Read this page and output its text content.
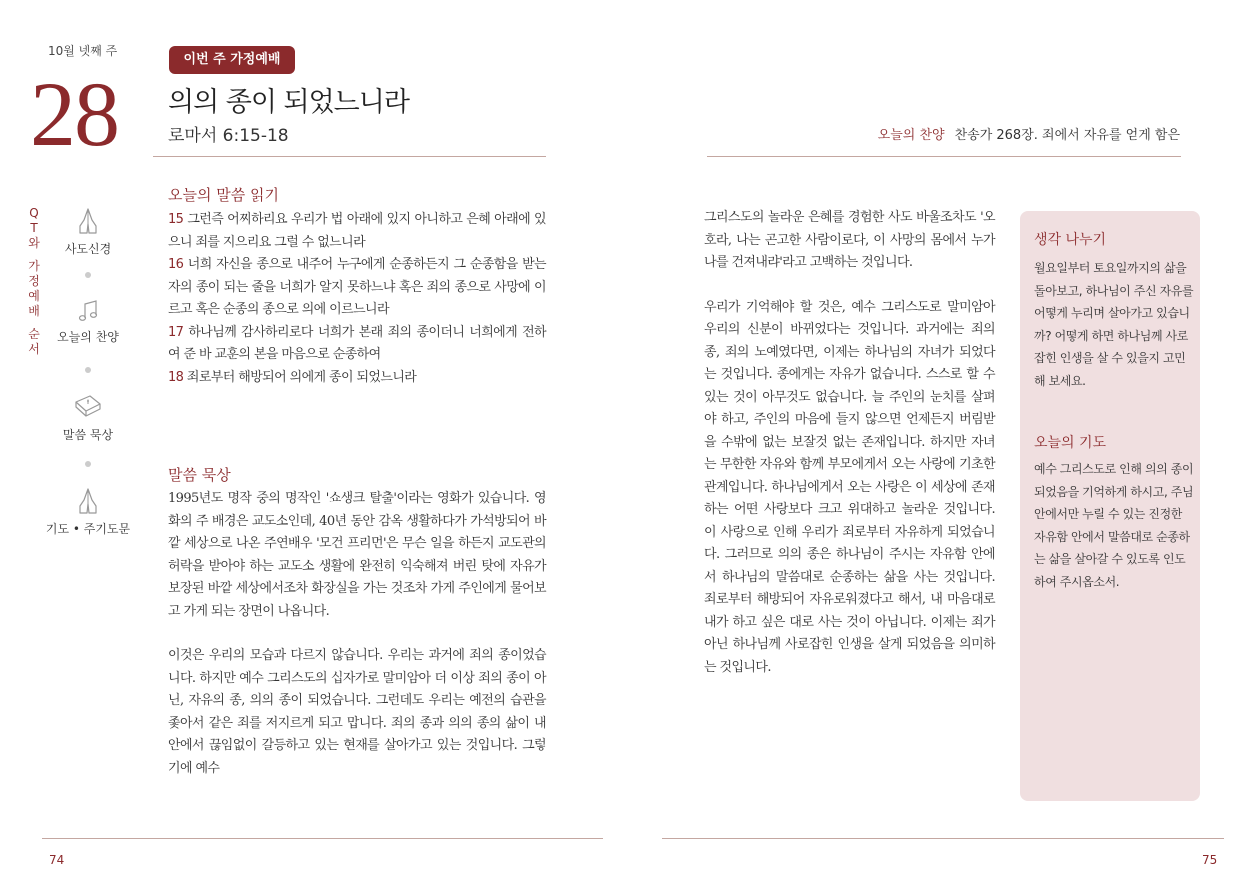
10월 넷째 주
28
이번 주 가정예배
의의 종이 되었느니라
로마서 6:15-18	오늘의 찬양 찬송가 268장. 죄에서 자유를 얻게 함은
Q
T
와
가
정
예
배
순
서
사도신경
오늘의 찬양
말씀 묵상
기도 • 주기도문
오늘의 말씀 읽기

15 그런즉 어찌하리요 우리가 법 아래에 있지 아니하고 은혜 아래에 있으니 죄를 지으리요 그럴 수 없느니라

16 너희 자신을 종으로 내주어 누구에게 순종하든지 그 순종함을 받는 자의 종이 되는 줄을 너희가 알지 못하느냐 혹은 죄의 종으로 사망에 이르고 혹은 순종의 종으로 의에 이르느니라

17 하나님께 감사하리로다 너희가 본래 죄의 종이더니 너희에게 전하여 준 바 교훈의 본을 마음으로 순종하여

18 죄로부터 해방되어 의에게 종이 되었느니라

말씀 묵상

1995년도 명작 중의 명작인 '쇼생크 탈출'이라는 영화가 있습니다. 영화의 주 배경은 교도소인데, 40년 동안 감옥 생활하다가 가석방되어 바깥 세상으로 나온 주연배우 '모건 프리먼'은 무슨 일을 하든지 교도관의 허락을 받아야 하는 교도소 생활에 완전히 익숙해져 버린 탓에 자유가 보장된 바깥 세상에서조차 화장실을 가는 것조차 가게 주인에게 물어보고 가게 되는 장면이 나옵니다.

이것은 우리의 모습과 다르지 않습니다. 우리는 과거에 죄의 종이었습니다. 하지만 예수 그리스도의 십자가로 말미암아 더 이상 죄의 종이 아닌, 자유의 종, 의의 종이 되었습니다. 그런데도 우리는 예전의 습관을 좇아서 같은 죄를 저지르게 되고 맙니다. 죄의 종과 의의 종의 삶이 내 안에서 끊임없이 갈등하고 있는 현재를 살아가고 있는 것입니다. 그렇기에 예수

그리스도의 놀라운 은혜를 경험한 사도 바울조차도 '오호라, 나는 곤고한 사람이로다, 이 사망의 몸에서 누가 나를 건져내랴'라고 고백하는 것입니다.

우리가 기억해야 할 것은, 예수 그리스도로 말미암아 우리의 신분이 바뀌었다는 것입니다. 과거에는 죄의 종, 죄의 노예였다면, 이제는 하나님의 자녀가 되었다는 것입니다. 종에게는 자유가 없습니다. 스스로 할 수 있는 것이 아무것도 없습니다. 늘 주인의 눈치를 살펴야 하고, 주인의 마음에 들지 않으면 언제든지 버림받을 수밖에 없는 보잘것 없는 존재입니다. 하지만 자녀는 무한한 자유와 함께 부모에게서 오는 사랑에 기초한 관계입니다. 하나님에게서 오는 사랑은 이 세상에 존재하는 어떤 사랑보다 크고 위대하고 놀라운 것입니다. 이 사랑으로 인해 우리가 죄로부터 자유하게 되었습니다. 그러므로 의의 종은 하나님이 주시는 자유함 안에서 하나님의 말씀대로 순종하는 삶을 사는 것입니다. 죄로부터 해방되어 자유로워졌다고 해서, 내 마음대로 내가 하고 싶은 대로 사는 것이 아닙니다. 이제는 죄가 아닌 하나님께 사로잡힌 인생을 살게 되었음을 의미하는 것입니다.

생각 나누기
월요일부터 토요일까지의 삶을 돌아보고, 하나님이 주신 자유를 어떻게 누리며 살아가고 있습니까? 어떻게 하면 하나님께 사로잡힌 인생을 살 수 있을지 고민해 보세요.
오늘의 기도
예수 그리스도로 인해 의의 종이 되었음을 기억하게 하시고, 주님 안에서만 누릴 수 있는 진정한 자유함 안에서 말씀대로 순종하는 삶을 살아갈 수 있도록 인도하여 주시옵소서.
74	75
